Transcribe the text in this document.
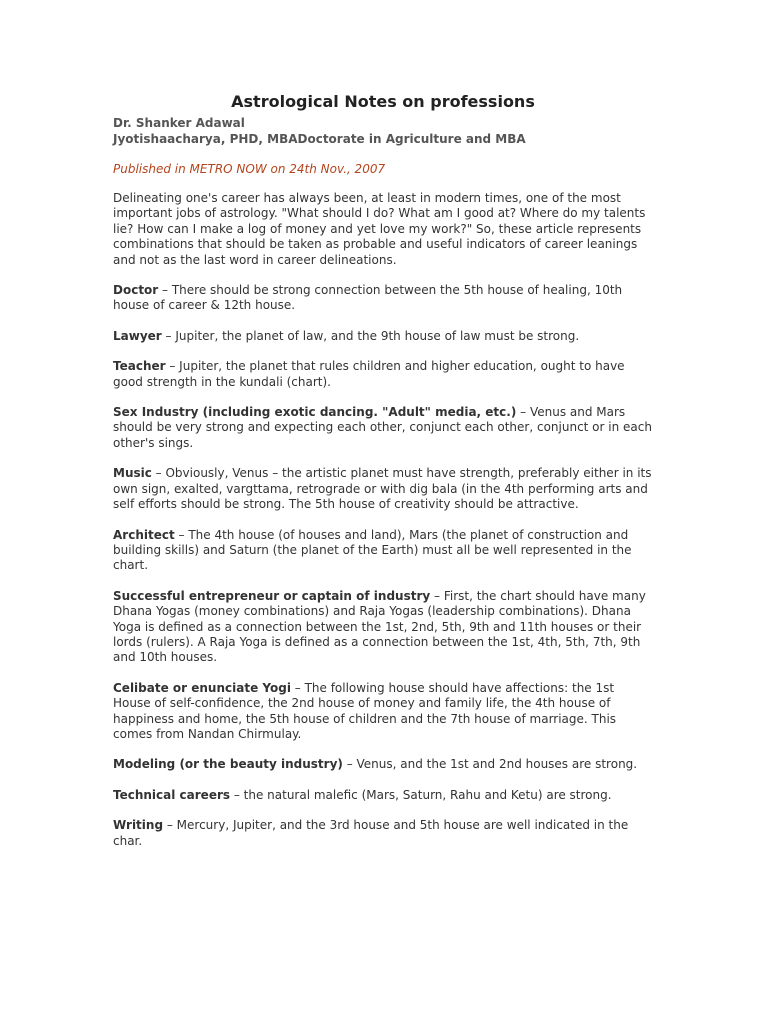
Astrological Notes on professions
Dr. Shanker Adawal
Jyotishaacharya, PHD, MBADoctorate in Agriculture and MBA
Published in METRO NOW on 24th Nov., 2007
Delineating one's career has always been, at least in modern times, one of the most important jobs of astrology. "What should I do? What am I good at? Where do my talents lie? How can I make a log of money and yet love my work?" So, these article represents combinations that should be taken as probable and useful indicators of career leanings and not as the last word in career delineations.
Doctor – There should be strong connection between the 5th house of healing, 10th house of career & 12th house.
Lawyer – Jupiter, the planet of law, and the 9th house of law must be strong.
Teacher – Jupiter, the planet that rules children and higher education, ought to have good strength in the kundali (chart).
Sex Industry (including exotic dancing. "Adult" media, etc.) – Venus and Mars should be very strong and expecting each other, conjunct each other, conjunct or in each other's sings.
Music – Obviously, Venus – the artistic planet must have strength, preferably either in its own sign, exalted, vargttama, retrograde or with dig bala (in the 4th performing arts and self efforts should be strong. The 5th house of creativity should be attractive.
Architect – The 4th house (of houses and land), Mars (the planet of construction and building skills) and Saturn (the planet of the Earth) must all be well represented in the chart.
Successful entrepreneur or captain of industry – First, the chart should have many Dhana Yogas (money combinations) and Raja Yogas (leadership combinations). Dhana Yoga is defined as a connection between the 1st, 2nd, 5th, 9th and 11th houses or their lords (rulers). A Raja Yoga is defined as a connection between the 1st, 4th, 5th, 7th, 9th and 10th houses.
Celibate or enunciate Yogi – The following house should have affections: the 1st House of self-confidence, the 2nd house of money and family life, the 4th house of happiness and home, the 5th house of children and the 7th house of marriage. This comes from Nandan Chirmulay.
Modeling (or the beauty industry) – Venus, and the 1st and 2nd houses are strong.
Technical careers – the natural malefic (Mars, Saturn, Rahu and Ketu) are strong.
Writing – Mercury, Jupiter, and the 3rd house and 5th house are well indicated in the char.
